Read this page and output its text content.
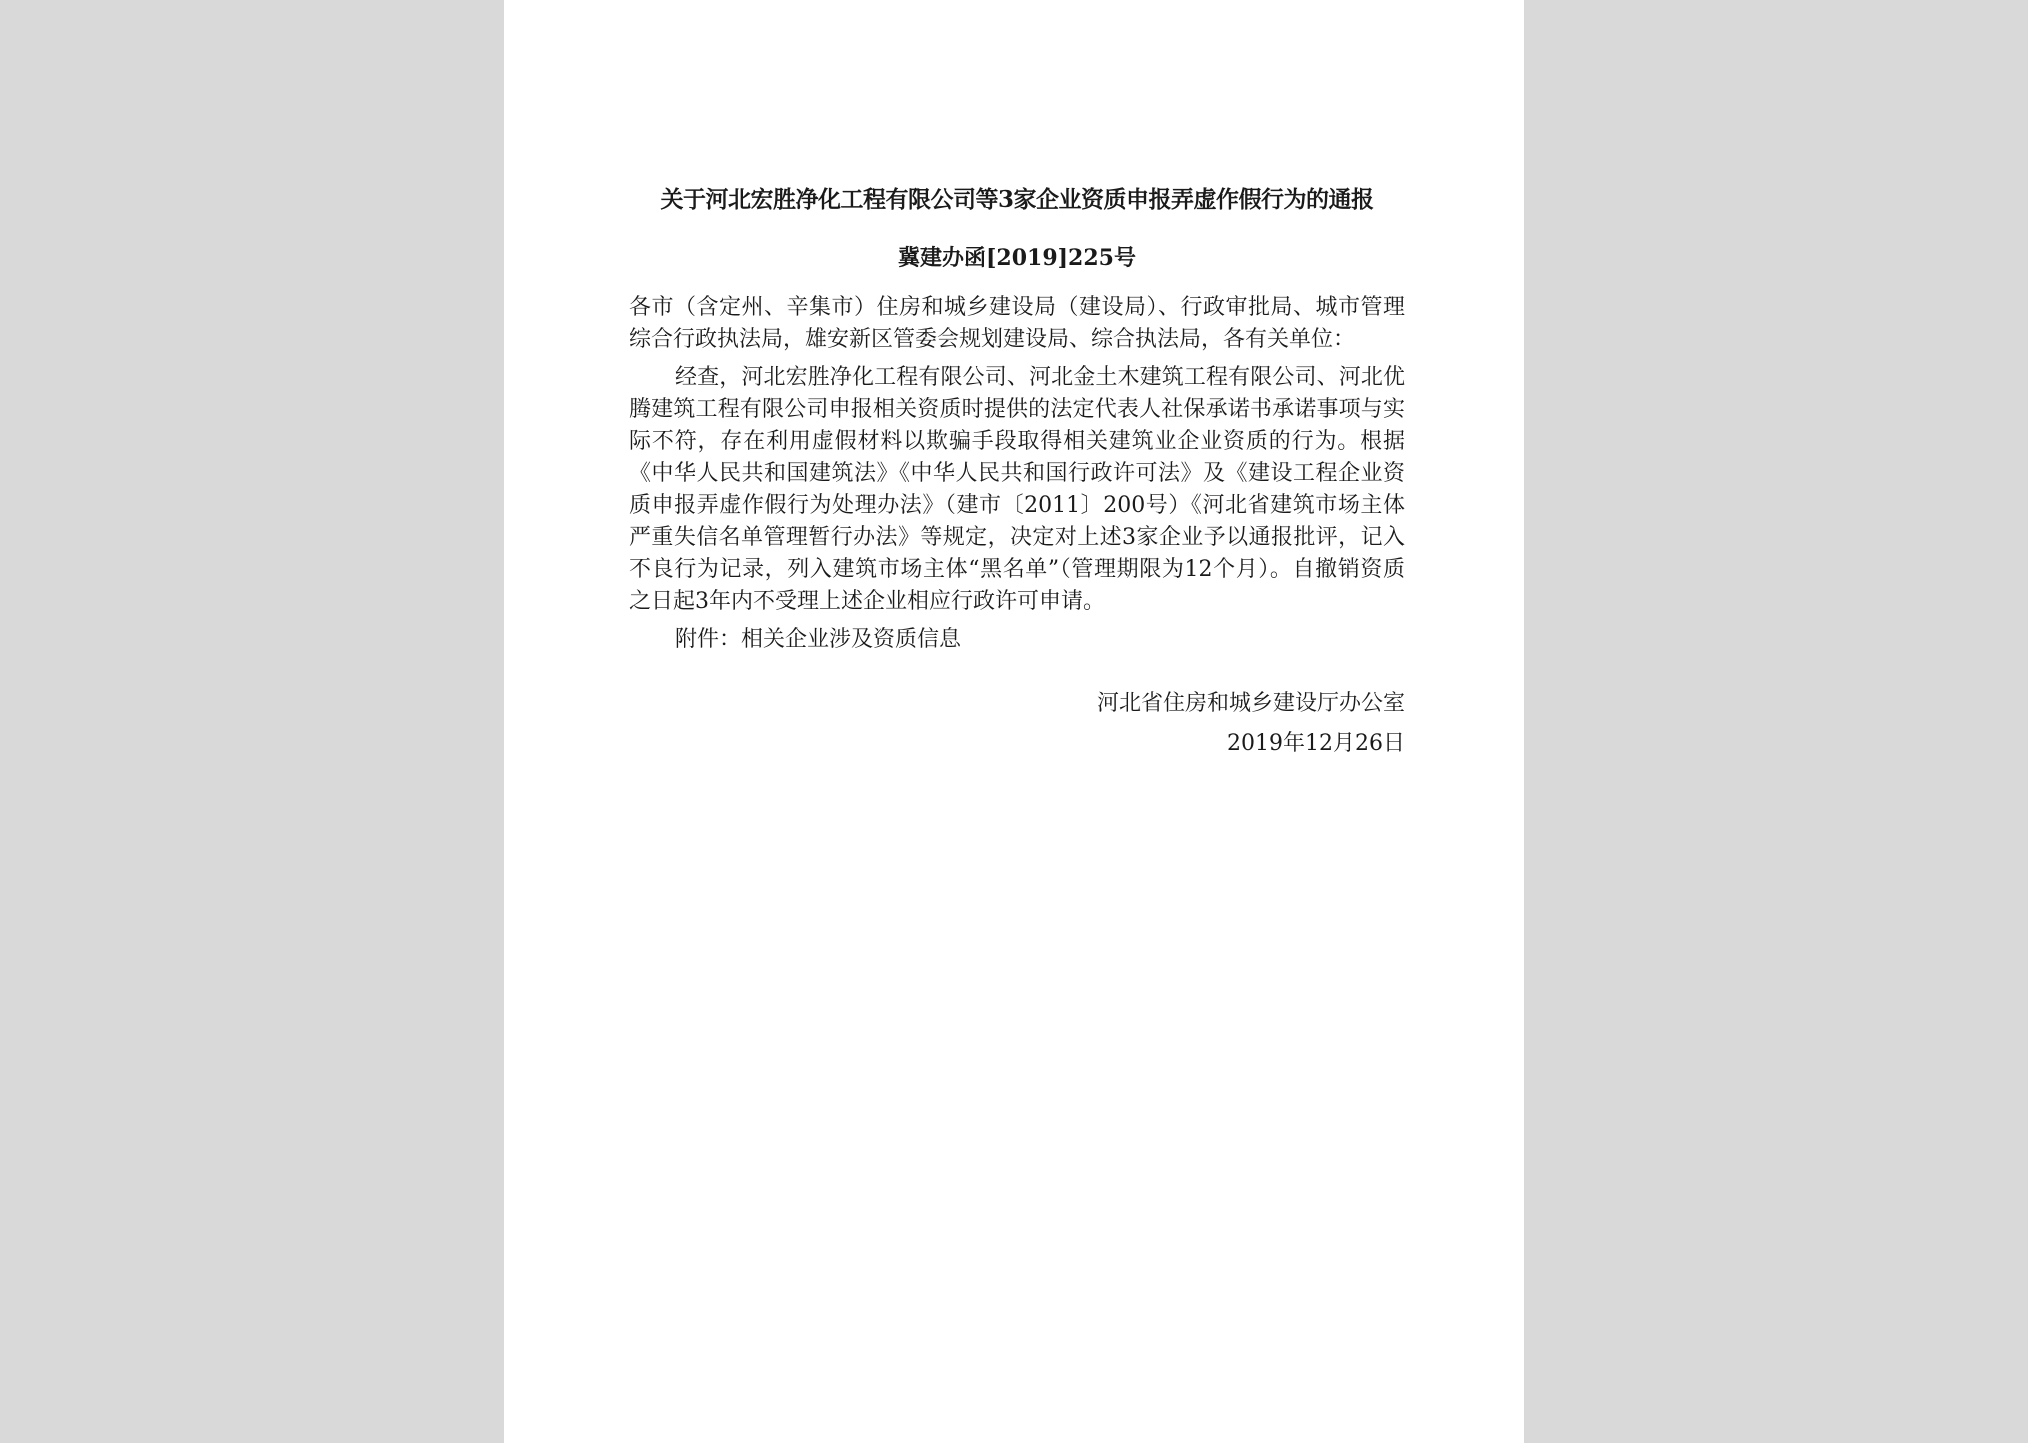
关于河北宏胜净化工程有限公司等3家企业资质申报弄虚作假行为的通报
冀建办函[2019]225号

各市（含定州、辛集市）住房和城乡建设局（建设局）、行政审批局、城市管理综合行政执法局，雄安新区管委会规划建设局、综合执法局，各有关单位：

经查，河北宏胜净化工程有限公司、河北金土木建筑工程有限公司、河北优腾建筑工程有限公司申报相关资质时提供的法定代表人社保承诺书承诺事项与实际不符，存在利用虚假材料以欺骗手段取得相关建筑业企业资质的行为。根据《中华人民共和国建筑法》《中华人民共和国行政许可法》及《建设工程企业资质申报弄虚作假行为处理办法》（建市〔2011〕200号）《河北省建筑市场主体严重失信名单管理暂行办法》等规定，决定对上述3家企业予以通报批评，记入不良行为记录，列入建筑市场主体“黑名单”（管理期限为12个月）。自撤销资质之日起3年内不受理上述企业相应行政许可申请。

附件：相关企业涉及资质信息

河北省住房和城乡建设厅办公室
2019年12月26日
